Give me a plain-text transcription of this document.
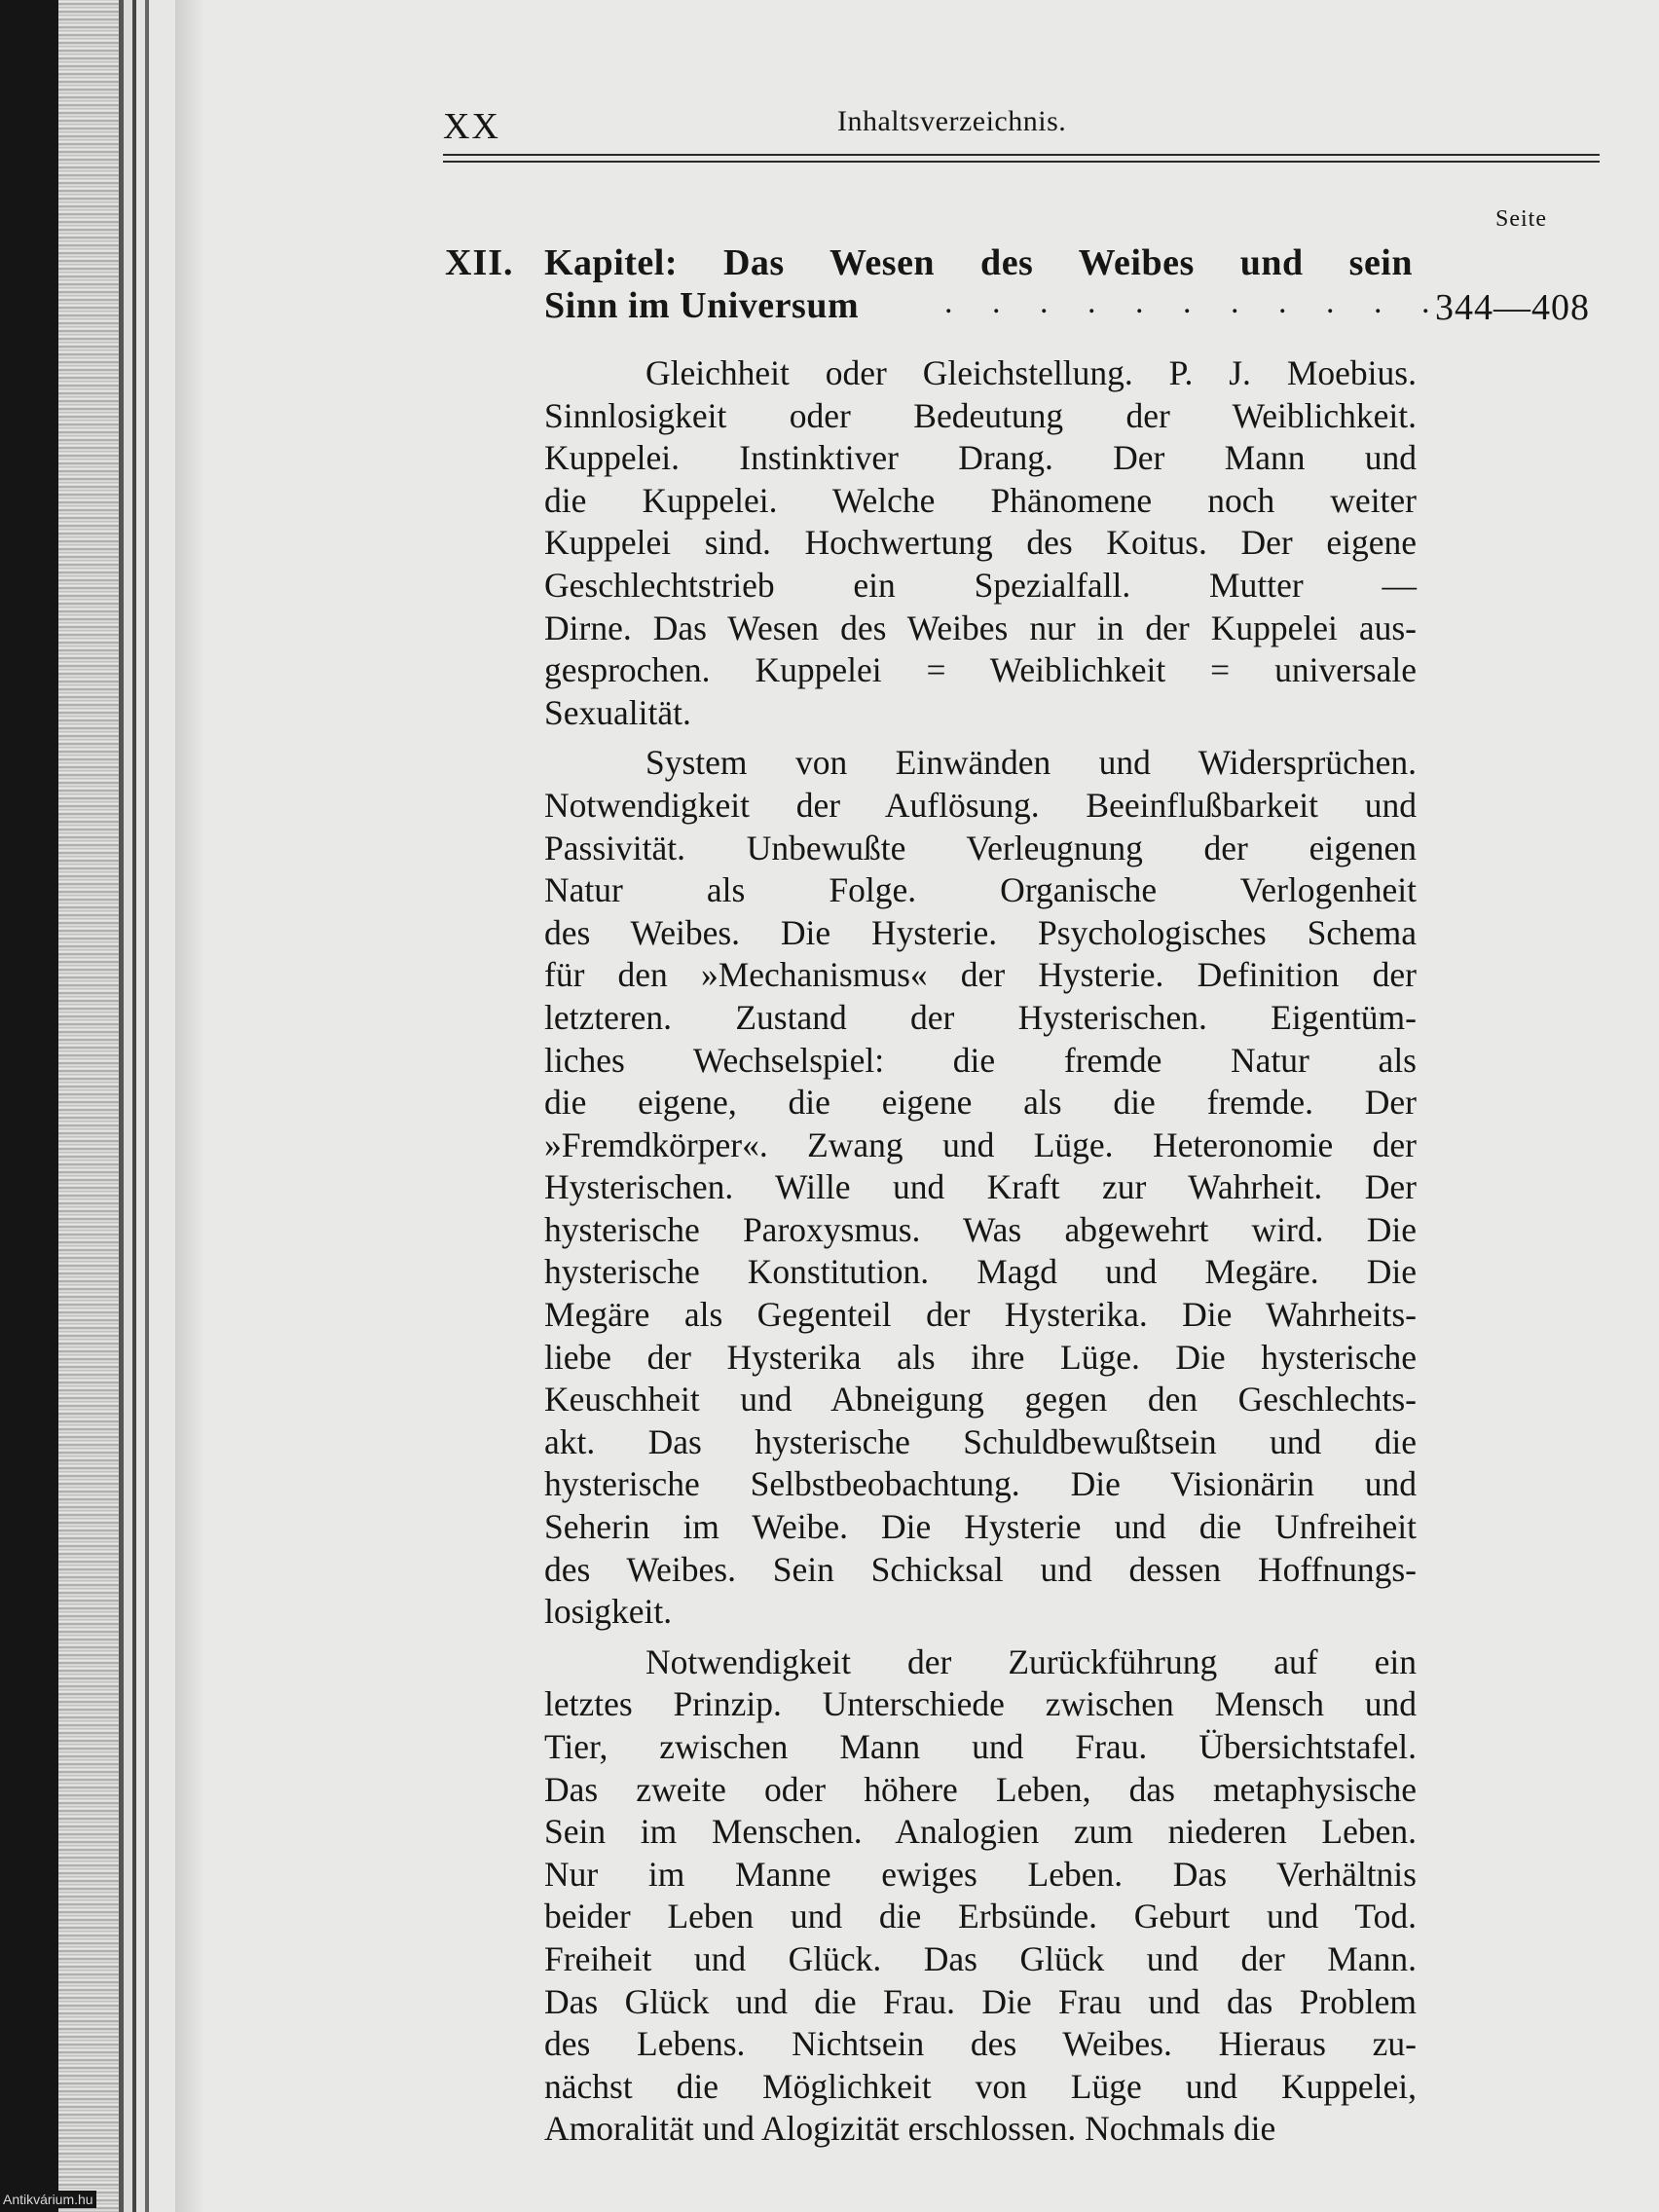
XX	Inhaltsverzeichnis.
Seite
XII. Kapitel: Das Wesen des Weibes und sein
Sinn im Universum	. . . . . . . . . . .
344—408
Gleichheit oder Gleichstellung. P. J. Moebius.
Sinnlosigkeit oder Bedeutung der Weiblichkeit.
Kuppelei. Instinktiver Drang. Der Mann und
die Kuppelei. Welche Phänomene noch weiter
Kuppelei sind. Hochwertung des Koitus. Der eigene
Geschlechtstrieb ein Spezialfall. Mutter —
Dirne. Das Wesen des Weibes nur in der Kuppelei aus-
gesprochen. Kuppelei = Weiblichkeit = universale
Sexualität.
System von Einwänden und Widersprüchen.
Notwendigkeit der Auflösung. Beeinflußbarkeit und
Passivität. Unbewußte Verleugnung der eigenen
Natur als Folge. Organische Verlogenheit
des Weibes. Die Hysterie. Psychologisches Schema
für den »Mechanismus« der Hysterie. Definition der
letzteren. Zustand der Hysterischen. Eigentüm-
liches Wechselspiel: die fremde Natur als
die eigene, die eigene als die fremde. Der
»Fremdkörper«. Zwang und Lüge. Heteronomie der
Hysterischen. Wille und Kraft zur Wahrheit. Der
hysterische Paroxysmus. Was abgewehrt wird. Die
hysterische Konstitution. Magd und Megäre. Die
Megäre als Gegenteil der Hysterika. Die Wahrheits-
liebe der Hysterika als ihre Lüge. Die hysterische
Keuschheit und Abneigung gegen den Geschlechts-
akt. Das hysterische Schuldbewußtsein und die
hysterische Selbstbeobachtung. Die Visionärin und
Seherin im Weibe. Die Hysterie und die Unfreiheit
des Weibes. Sein Schicksal und dessen Hoffnungs-
losigkeit.
Notwendigkeit der Zurückführung auf ein
letztes Prinzip. Unterschiede zwischen Mensch und
Tier, zwischen Mann und Frau. Übersichtstafel.
Das zweite oder höhere Leben, das metaphysische
Sein im Menschen. Analogien zum niederen Leben.
Nur im Manne ewiges Leben. Das Verhältnis
beider Leben und die Erbsünde. Geburt und Tod.
Freiheit und Glück. Das Glück und der Mann.
Das Glück und die Frau. Die Frau und das Problem
des Lebens. Nichtsein des Weibes. Hieraus zu-
nächst die Möglichkeit von Lüge und Kuppelei,
Amoralität und Alogizität erschlossen. Nochmals die
Antikvárium.hu
